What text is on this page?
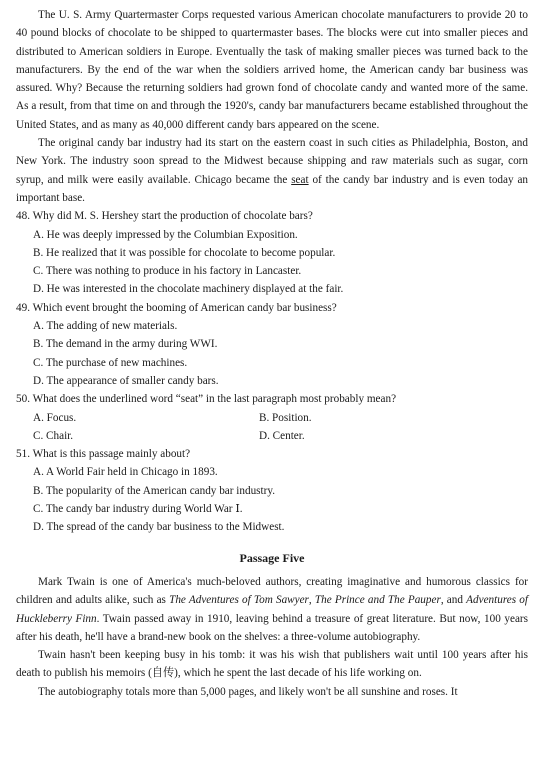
The U. S. Army Quartermaster Corps requested various American chocolate manufacturers to provide 20 to 40 pound blocks of chocolate to be shipped to quartermaster bases. The blocks were cut into smaller pieces and distributed to American soldiers in Europe. Eventually the task of making smaller pieces was turned back to the manufacturers. By the end of the war when the soldiers arrived home, the American candy bar business was assured. Why? Because the returning soldiers had grown fond of chocolate candy and wanted more of the same. As a result, from that time on and through the 1920's, candy bar manufacturers became established throughout the United States, and as many as 40,000 different candy bars appeared on the scene.

The original candy bar industry had its start on the eastern coast in such cities as Philadelphia, Boston, and New York. The industry soon spread to the Midwest because shipping and raw materials such as sugar, corn syrup, and milk were easily available. Chicago became the seat of the candy bar industry and is even today an important base.

48. Why did M. S. Hershey start the production of chocolate bars?

A. He was deeply impressed by the Columbian Exposition.

B. He realized that it was possible for chocolate to become popular.

C. There was nothing to produce in his factory in Lancaster.

D. He was interested in the chocolate machinery displayed at the fair.

49. Which event brought the booming of American candy bar business?

A. The adding of new materials.

B. The demand in the army during WWI.

C. The purchase of new machines.

D. The appearance of smaller candy bars.

50. What does the underlined word “seat” in the last paragraph most probably mean?

A. Focus.	B. Position.
C. Chair.	D. Center.

51. What is this passage mainly about?

A. A World Fair held in Chicago in 1893.

B. The popularity of the American candy bar industry.

C. The candy bar industry during World War Ⅰ.

D. The spread of the candy bar business to the Midwest.

Passage Five

Mark Twain is one of America's much-beloved authors, creating imaginative and humorous classics for children and adults alike, such as The Adventures of Tom Sawyer, The Prince and The Pauper, and Adventures of Huckleberry Finn. Twain passed away in 1910, leaving behind a treasure of great literature. But now, 100 years after his death, he'll have a brand-new book on the shelves: a three-volume autobiography.

Twain hasn't been keeping busy in his tomb: it was his wish that publishers wait until 100 years after his death to publish his memoirs (自传), which he spent the last decade of his life working on.

The autobiography totals more than 5,000 pages, and likely won't be all sunshine and roses. It
